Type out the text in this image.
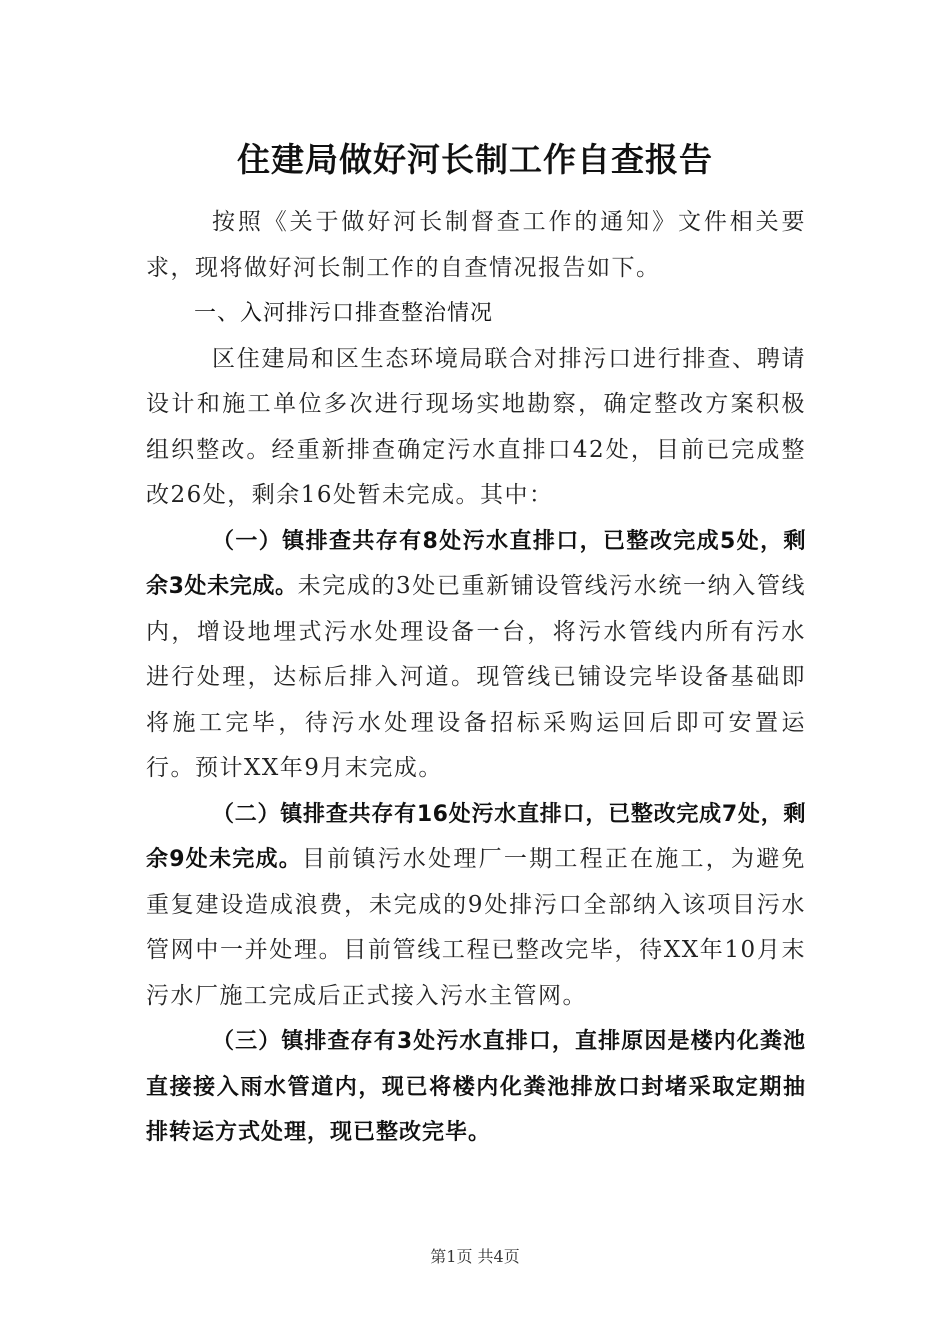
住建局做好河长制工作自查报告

按照《关于做好河长制督查工作的通知》文件相关要求，现将做好河长制工作的自查情况报告如下。

一、入河排污口排查整治情况

区住建局和区生态环境局联合对排污口进行排查、聘请设计和施工单位多次进行现场实地勘察，确定整改方案积极组织整改。经重新排查确定污水直排口42处，目前已完成整改26处，剩余16处暂未完成。其中：

（一）镇排查共存有8处污水直排口，已整改完成5处，剩余3处未完成。未完成的3处已重新铺设管线污水统一纳入管线内，增设地埋式污水处理设备一台，将污水管线内所有污水进行处理，达标后排入河道。现管线已铺设完毕设备基础即将施工完毕，待污水处理设备招标采购运回后即可安置运行。预计XX年9月末完成。

（二）镇排查共存有16处污水直排口，已整改完成7处，剩余9处未完成。目前镇污水处理厂一期工程正在施工，为避免重复建设造成浪费，未完成的9处排污口全部纳入该项目污水管网中一并处理。目前管线工程已整改完毕，待XX年10月末污水厂施工完成后正式接入污水主管网。

（三）镇排查存有3处污水直排口，直排原因是楼内化粪池直接接入雨水管道内，现已将楼内化粪池排放口封堵采取定期抽排转运方式处理，现已整改完毕。

第1页 共4页
